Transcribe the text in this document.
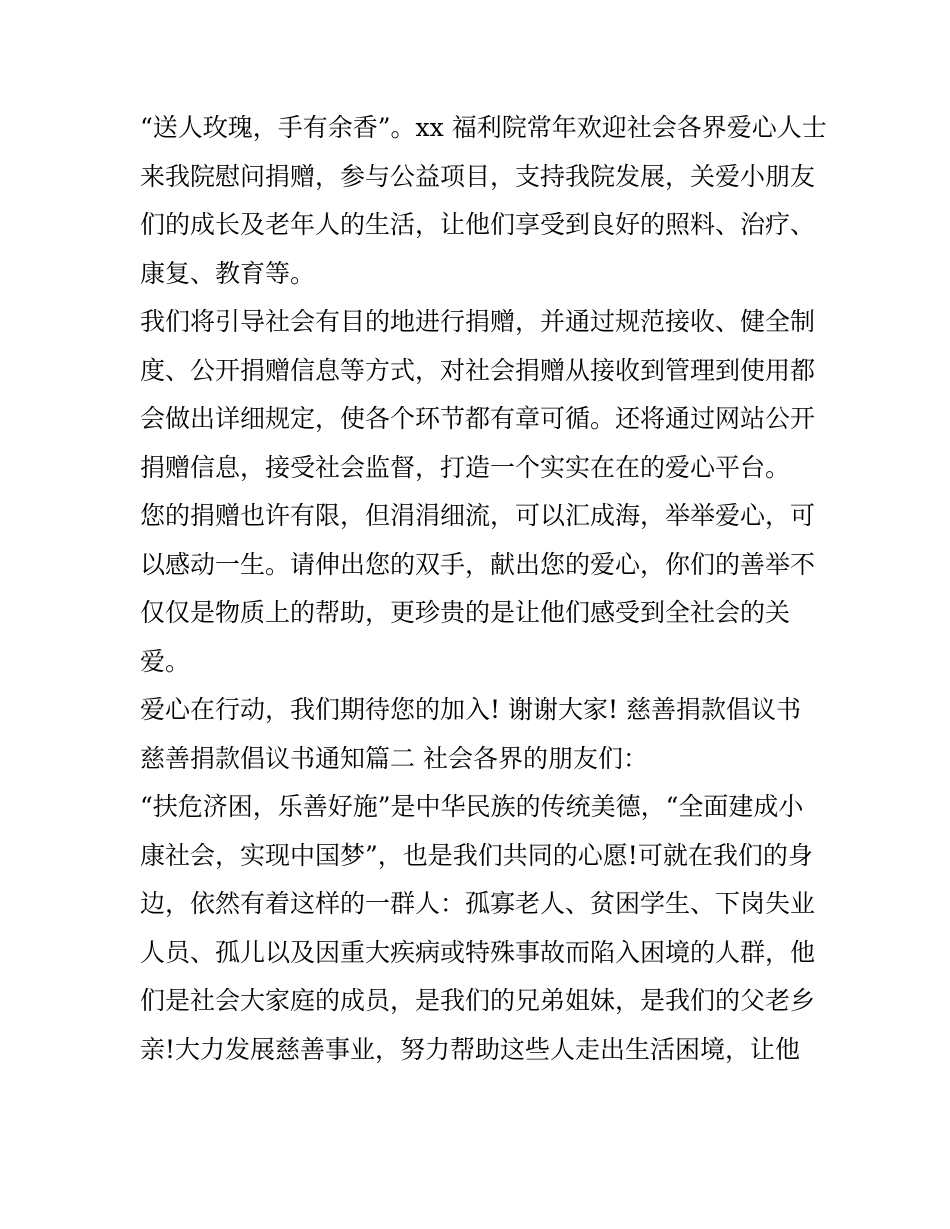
“送人玫瑰，手有余香”。xx 福利院常年欢迎社会各界爱心人士
来我院慰问捐赠，参与公益项目，支持我院发展，关爱小朋友
们的成长及老年人的生活，让他们享受到良好的照料、治疗、
康复、教育等。
我们将引导社会有目的地进行捐赠，并通过规范接收、健全制
度、公开捐赠信息等方式，对社会捐赠从接收到管理到使用都
会做出详细规定，使各个环节都有章可循。还将通过网站公开
捐赠信息，接受社会监督，打造一个实实在在的爱心平台。
您的捐赠也许有限，但涓涓细流，可以汇成海，举举爱心，可
以感动一生。请伸出您的双手，献出您的爱心，你们的善举不
仅仅是物质上的帮助，更珍贵的是让他们感受到全社会的关
爱。
爱心在行动，我们期待您的加入! 谢谢大家! 慈善捐款倡议书
慈善捐款倡议书通知篇二 社会各界的朋友们：
“扶危济困，乐善好施”是中华民族的传统美德，“全面建成小
康社会，实现中国梦”，也是我们共同的心愿!可就在我们的身
边，依然有着这样的一群人：孤寡老人、贫困学生、下岗失业
人员、孤儿以及因重大疾病或特殊事故而陷入困境的人群，他
们是社会大家庭的成员，是我们的兄弟姐妹，是我们的父老乡
亲!大力发展慈善事业，努力帮助这些人走出生活困境，让他
